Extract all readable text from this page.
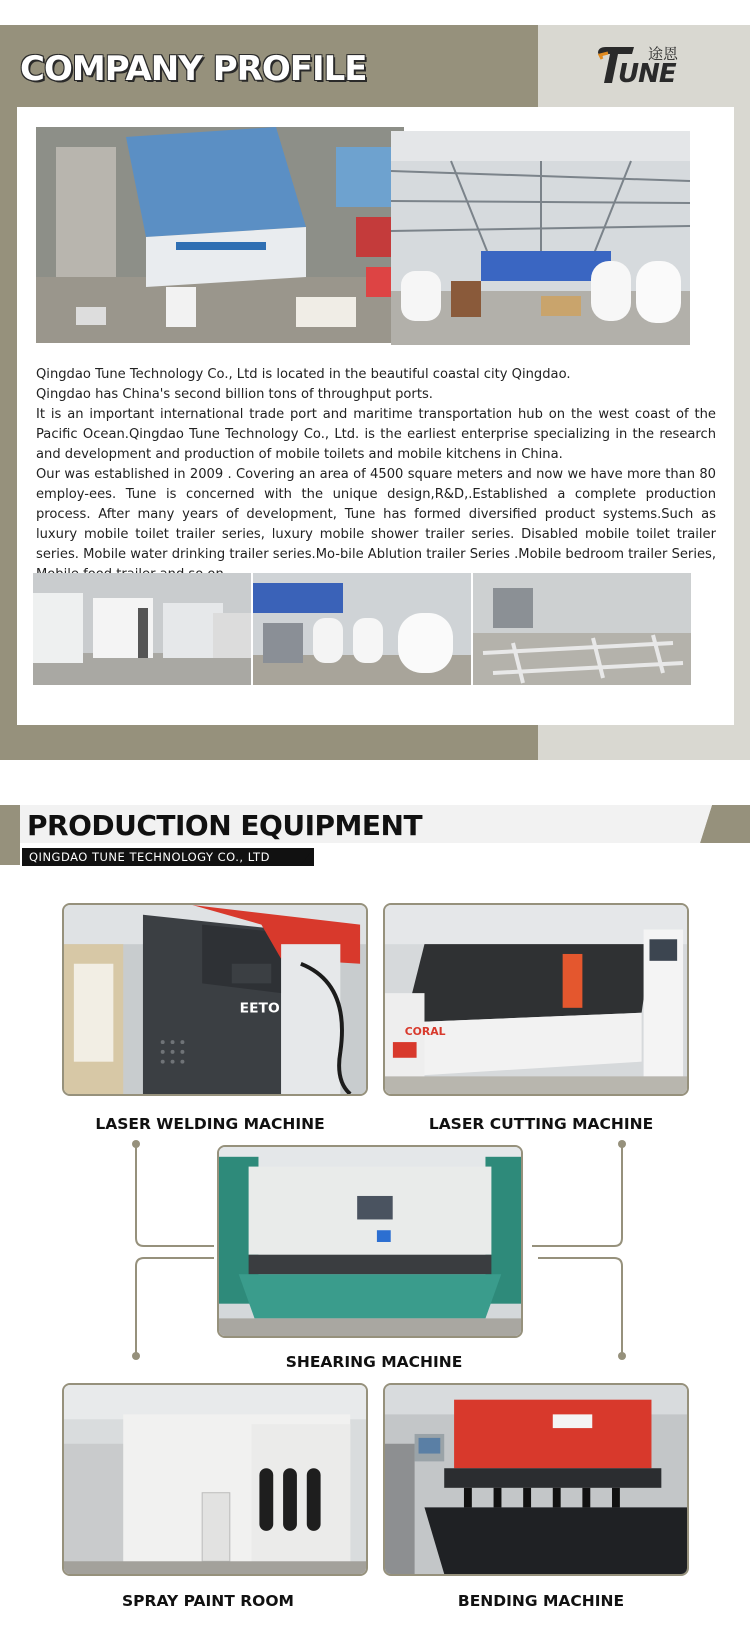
COMPANY PROFILE	途恩
UNE

Qingdao Tune Technology Co., Ltd is located in the beautiful coastal city Qingdao.

Qingdao has China's second billion tons of throughput ports.

It is an important international trade port and maritime transportation hub on the west coast of the Pacific Ocean.Qingdao Tune Technology Co., Ltd. is the earliest enterprise specializing in the research and development and production of mobile toilets and mobile kitchens in China.

Our was established in 2009 . Covering an area of 4500 square meters and now we have more than 80 employ-ees. Tune is concerned with the unique design,R&D,.Established a complete production process. After many years of development, Tune has formed diversified product systems.Such as luxury mobile toilet trailer series, luxury mobile shower trailer series. Disabled mobile toilet trailer series. Mobile water drinking trailer series.Mo-bile Ablution trailer Series .Mobile bedroom trailer Series,

PRODUCTION EQUIPMENT
QINGDAO TUNE TECHNOLOGY CO., LTD
EETO
LASER WELDING MACHINE
CORAL
LASER CUTTING MACHINE
SHEARING MACHINE
SPRAY PAINT ROOM	BENDING MACHINE
